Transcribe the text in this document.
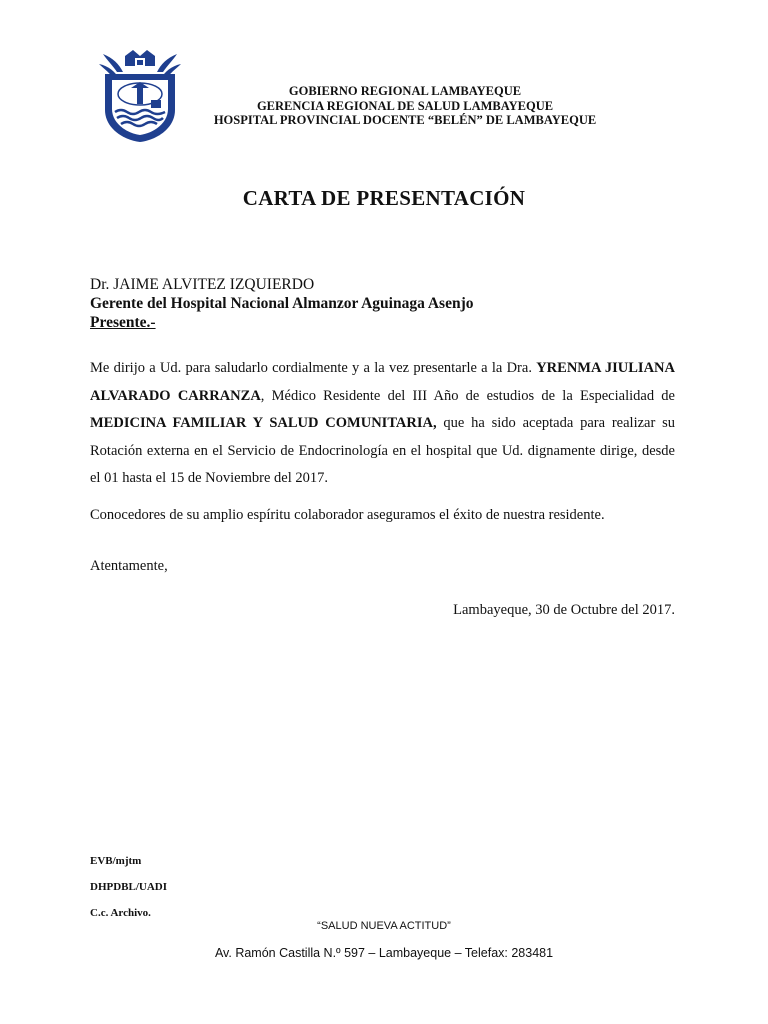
GOBIERNO REGIONAL LAMBAYEQUE
GERENCIA REGIONAL DE SALUD LAMBAYEQUE
HOSPITAL PROVINCIAL DOCENTE “BELÉN” DE LAMBAYEQUE
CARTA DE PRESENTACIÓN
Dr. JAIME ALVITEZ IZQUIERDO
Gerente del Hospital Nacional Almanzor Aguinaga Asenjo
Presente.-
Me dirijo a Ud. para saludarlo cordialmente y a la vez presentarle a la Dra. YRENMA JIULIANA ALVARADO CARRANZA, Médico Residente del III Año de estudios de la Especialidad de MEDICINA FAMILIAR Y SALUD COMUNITARIA, que ha sido aceptada para realizar su Rotación externa en el Servicio de Endocrinología en el hospital que Ud. dignamente dirige, desde el 01 hasta el 15 de Noviembre del 2017.
Conocedores de su amplio espíritu colaborador aseguramos el éxito de nuestra residente.
Atentamente,
Lambayeque, 30 de Octubre del 2017.
EVB/mjtm
DHPDBL/UADI
C.c. Archivo.
“SALUD NUEVA ACTITUD”
Av. Ramón Castilla N.º 597 – Lambayeque – Telefax: 283481
